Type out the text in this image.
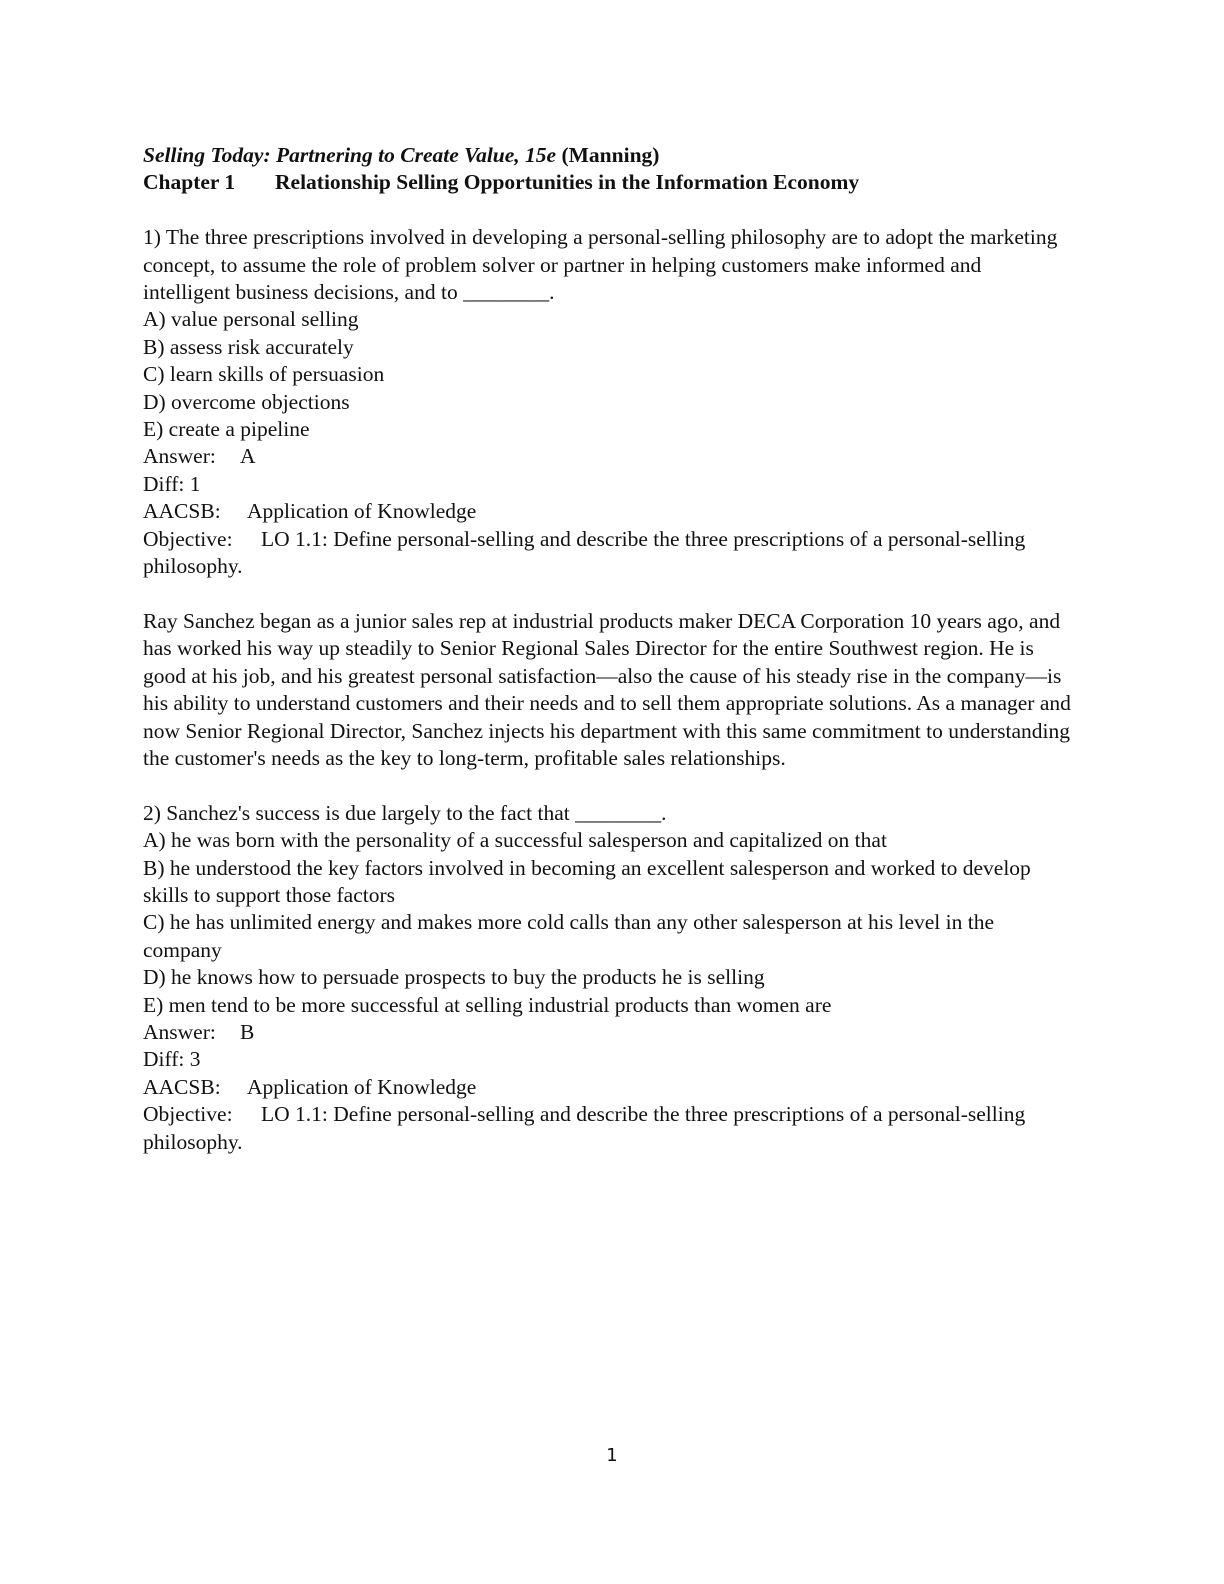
Selling Today: Partnering to Create Value, 15e (Manning)

Chapter 1 Relationship Selling Opportunities in the Information Economy

1) The three prescriptions involved in developing a personal-selling philosophy are to adopt the marketing concept, to assume the role of problem solver or partner in helping customers make informed and intelligent business decisions, and to ________.

A) value personal selling

B) assess risk accurately

C) learn skills of persuasion

D) overcome objections

E) create a pipeline

Answer: A

Diff: 1

AACSB: Application of Knowledge

Objective: LO 1.1: Define personal-selling and describe the three prescriptions of a personal-selling philosophy.

Ray Sanchez began as a junior sales rep at industrial products maker DECA Corporation 10 years ago, and has worked his way up steadily to Senior Regional Sales Director for the entire Southwest region. He is good at his job, and his greatest personal satisfaction—also the cause of his steady rise in the company—is his ability to understand customers and their needs and to sell them appropriate solutions. As a manager and now Senior Regional Director, Sanchez injects his department with this same commitment to understanding the customer's needs as the key to long-term, profitable sales relationships.

2) Sanchez's success is due largely to the fact that ________.

A) he was born with the personality of a successful salesperson and capitalized on that

B) he understood the key factors involved in becoming an excellent salesperson and worked to develop skills to support those factors

C) he has unlimited energy and makes more cold calls than any other salesperson at his level in the company

D) he knows how to persuade prospects to buy the products he is selling

E) men tend to be more successful at selling industrial products than women are

Answer: B

Diff: 3

AACSB: Application of Knowledge

Objective: LO 1.1: Define personal-selling and describe the three prescriptions of a personal-selling philosophy.

1
